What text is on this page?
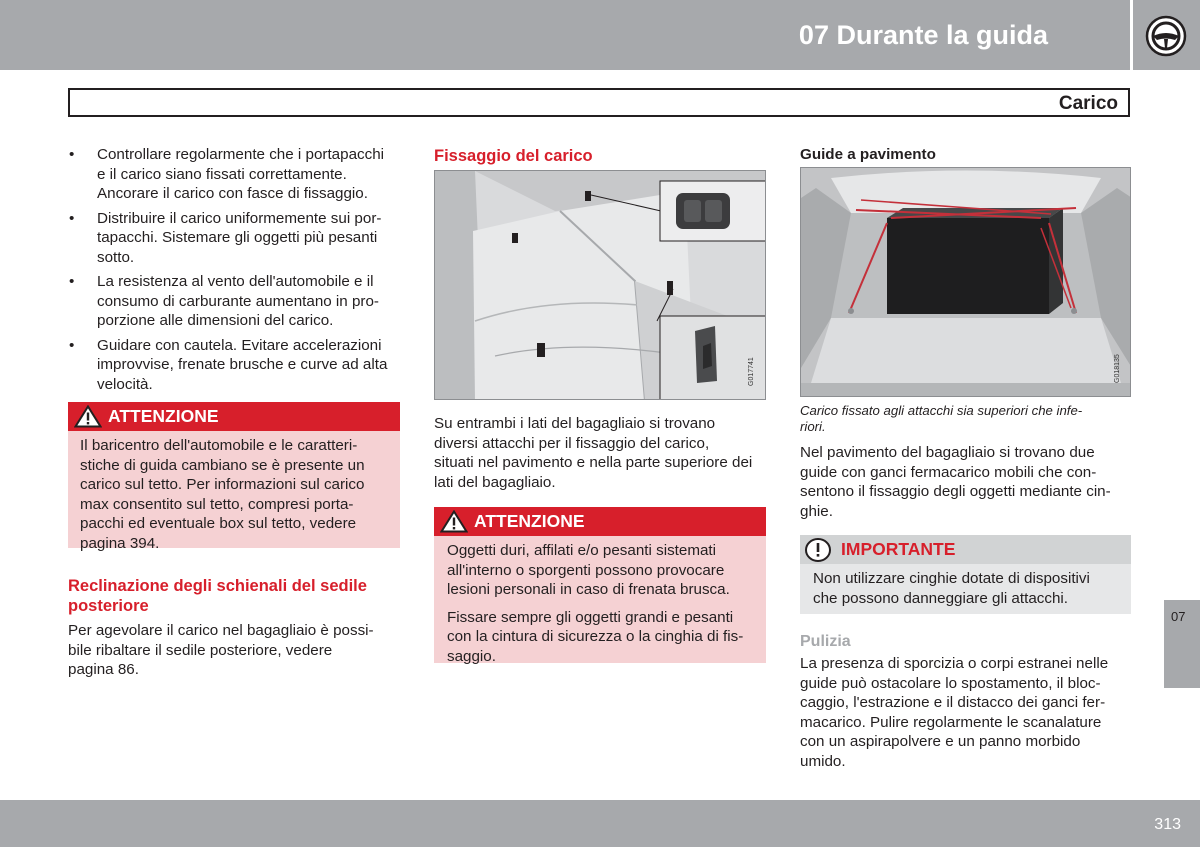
07 Durante la guida
Carico
• Controllare regolarmente che i portapacchi
e il carico siano fissati correttamente.
Ancorare il carico con fasce di fissaggio.
• Distribuire il carico uniformemente sui por-
tapacchi. Sistemare gli oggetti più pesanti
sotto.
• La resistenza al vento dell'automobile e il
consumo di carburante aumentano in pro-
porzione alle dimensioni del carico.
• Guidare con cautela. Evitare accelerazioni
improvvise, frenate brusche e curve ad alta
velocità.
ATTENZIONE

Il baricentro dell'automobile e le caratteri-
stiche di guida cambiano se è presente un
carico sul tetto. Per informazioni sul carico
max consentito sul tetto, compresi porta-
pacchi ed eventuale box sul tetto, vedere
pagina 394.

Reclinazione degli schienali del sedile
posteriore
Per agevolare il carico nel bagagliaio è possi-
bile ribaltare il sedile posteriore, vedere
pagina 86.
Fissaggio del carico
G017741
Su entrambi i lati del bagagliaio si trovano
diversi attacchi per il fissaggio del carico,
situati nel pavimento e nella parte superiore dei
lati del bagagliaio.
ATTENZIONE

Oggetti duri, affilati e/o pesanti sistemati
all'interno o sporgenti possono provocare
lesioni personali in caso di frenata brusca.

Fissare sempre gli oggetti grandi e pesanti
con la cintura di sicurezza o la cinghia di fis-
saggio.

Guide a pavimento
G018135
Carico fissato agli attacchi sia superiori che infe-
riori.
Nel pavimento del bagagliaio si trovano due
guide con ganci fermacarico mobili che con-
sentono il fissaggio degli oggetti mediante cin-
ghie.
IMPORTANTE
Non utilizzare cinghie dotate di dispositivi
che possono danneggiare gli attacchi.
Pulizia
La presenza di sporcizia o corpi estranei nelle
guide può ostacolare lo spostamento, il bloc-
caggio, l'estrazione e il distacco dei ganci fer-
macarico. Pulire regolarmente le scanalature
con un aspirapolvere e un panno morbido
umido.
07
313
